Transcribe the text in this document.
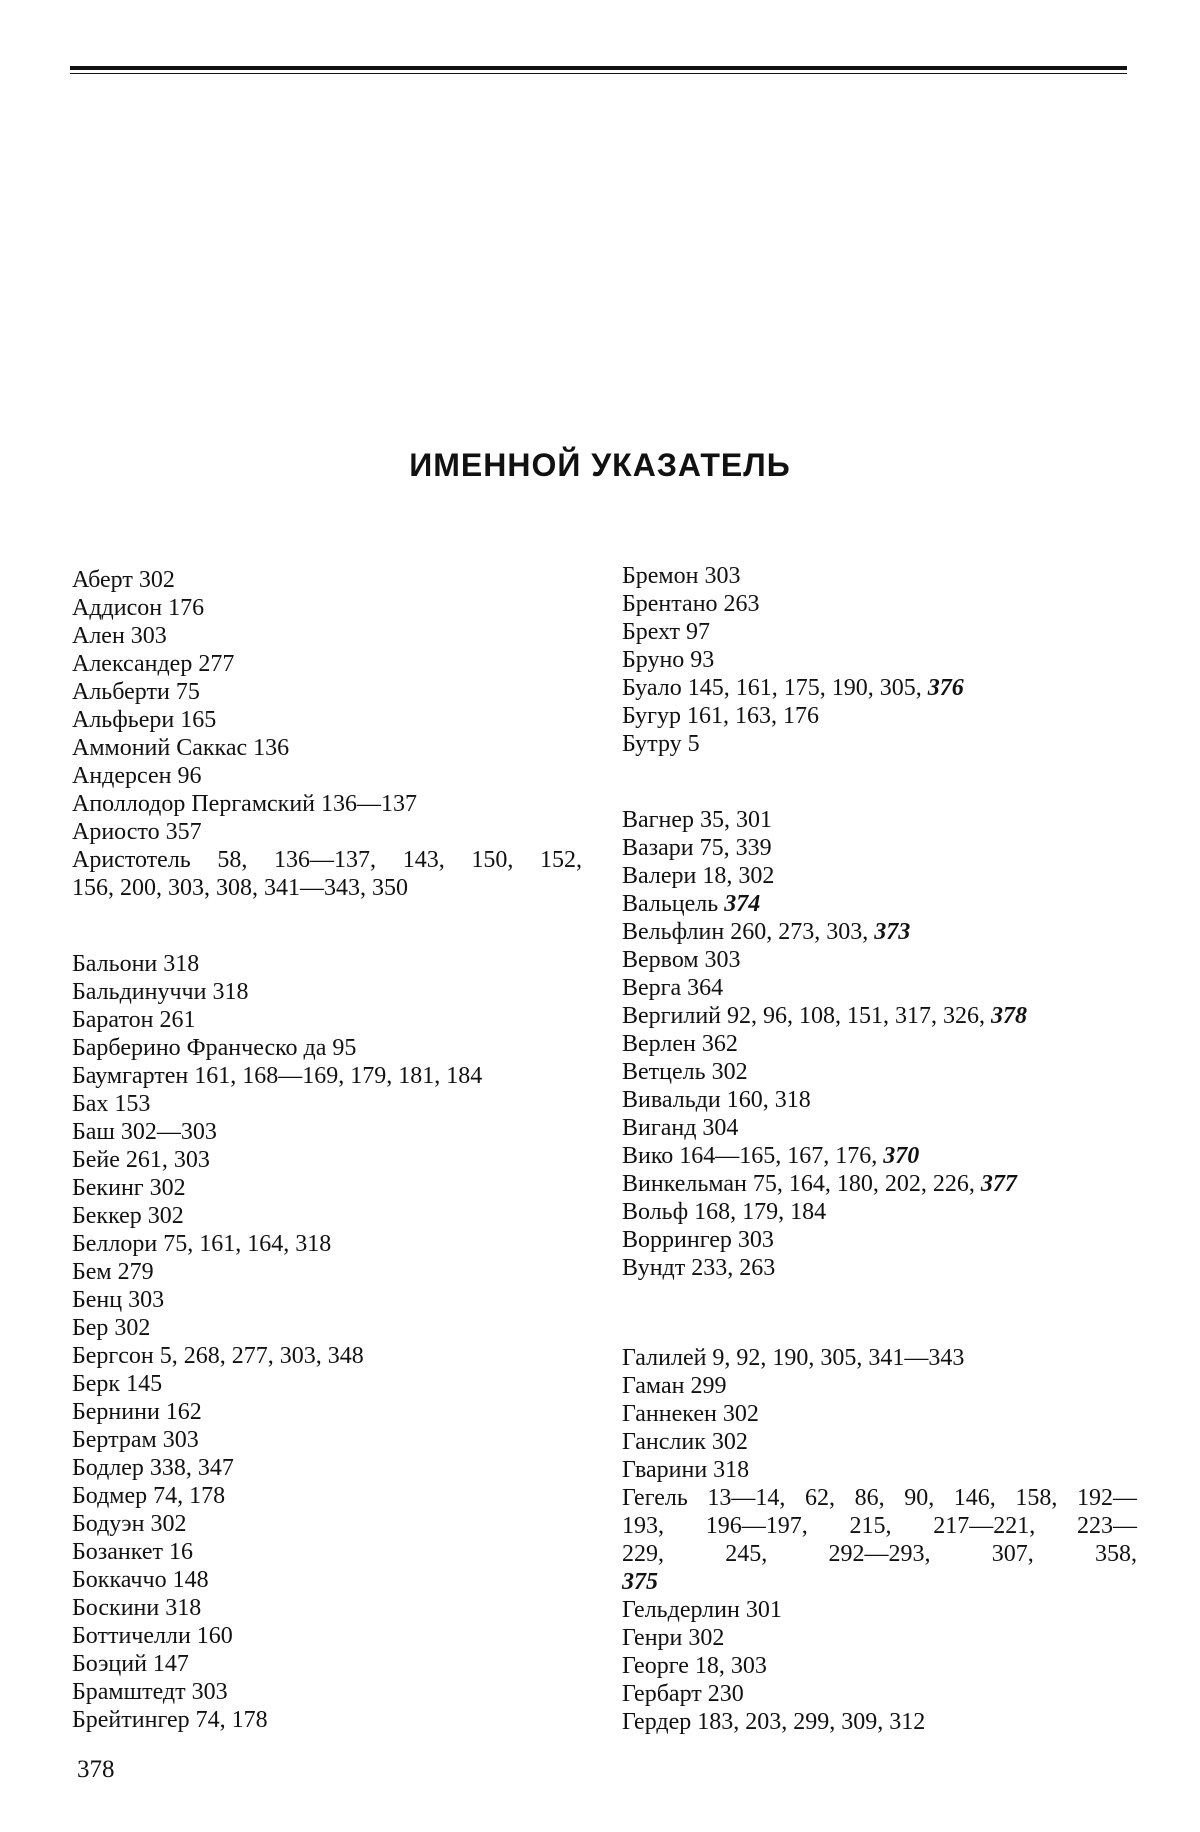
ИМЕННОЙ УКАЗАТЕЛЬ
Аберт 302
Аддисон 176
Ален 303
Александер 277
Альберти 75
Альфьери 165
Аммоний Саккас 136
Андерсен 96
Аполлодор Пергамский 136—137
Ариосто 357
Аристотель 58, 136—137, 143, 150, 152,
156, 200, 303, 308, 341—343, 350
Бальони 318
Бальдинуччи 318
Баратон 261
Барберино Франческо да 95
Баумгартен 161, 168—169, 179, 181, 184
Бах 153
Баш 302—303
Бейе 261, 303
Бекинг 302
Беккер 302
Беллори 75, 161, 164, 318
Бем 279
Бенц 303
Бер 302
Бергсон 5, 268, 277, 303, 348
Берк 145
Бернини 162
Бертрам 303
Бодлер 338, 347
Бодмер 74, 178
Бодуэн 302
Бозанкет 16
Боккаччо 148
Боскини 318
Боттичелли 160
Боэций 147
Брамштедт 303
Брейтингер 74, 178
Бремон 303
Брентано 263
Брехт 97
Бруно 93
Буало 145, 161, 175, 190, 305, 376
Бугур 161, 163, 176
Бутру 5
Вагнер 35, 301
Вазари 75, 339
Валери 18, 302
Вальцель 374
Вельфлин 260, 273, 303, 373
Вервом 303
Верга 364
Вергилий 92, 96, 108, 151, 317, 326, 378
Верлен 362
Ветцель 302
Вивальди 160, 318
Виганд 304
Вико 164—165, 167, 176, 370
Винкельман 75, 164, 180, 202, 226, 377
Вольф 168, 179, 184
Воррингер 303
Вундт 233, 263
Галилей 9, 92, 190, 305, 341—343
Гаман 299
Ганнекен 302
Ганслик 302
Гварини 318
Гегель 13—14, 62, 86, 90, 146, 158, 192—
193, 196—197, 215, 217—221, 223—
229, 245, 292—293, 307, 358,
375
Гельдерлин 301
Генри 302
Георге 18, 303
Гербарт 230
Гердер 183, 203, 299, 309, 312
378
